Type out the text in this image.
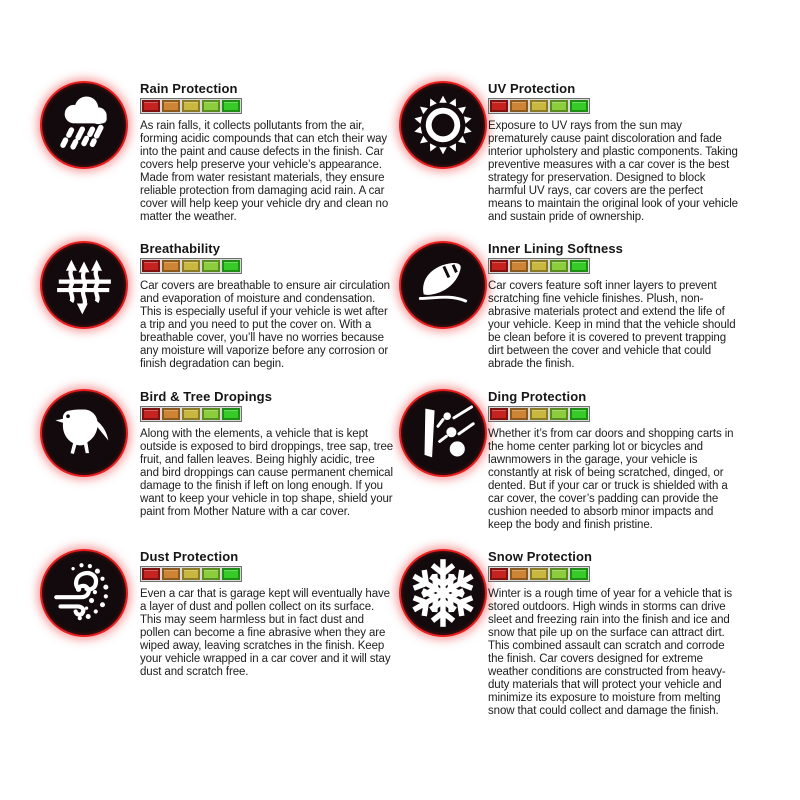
Rain Protection
As rain falls, it collects pollutants from the air, forming acidic compounds that can etch their way into the paint and cause defects in the finish. Car covers help preserve your vehicle’s appearance. Made from water resistant materials, they ensure reliable protection from damaging acid rain. A car cover will help keep your vehicle dry and clean no matter the weather.
UV Protection
Exposure to UV rays from the sun may prematurely cause paint discoloration and fade interior upholstery and plastic components. Taking preventive measures with a car cover is the best strategy for preservation. Designed to block harmful UV rays, car covers are the perfect means to maintain the original look of your vehicle and sustain pride of ownership.
Breathability
Car covers are breathable to ensure air circulation and evaporation of moisture and condensation. This is especially useful if your vehicle is wet after a trip and you need to put the cover on. With a breathable cover, you’ll have no worries because any moisture will vaporize before any corrosion or finish degradation can begin.
Inner Lining Softness
Car covers feature soft inner layers to prevent scratching fine vehicle finishes. Plush, non-abrasive materials protect and extend the life of your vehicle. Keep in mind that the vehicle should be clean before it is covered to prevent trapping dirt between the cover and vehicle that could abrade the finish.
Bird & Tree Dropings
Along with the elements, a vehicle that is kept outside is exposed to bird droppings, tree sap, tree fruit, and fallen leaves. Being highly acidic, tree and bird droppings can cause permanent chemical damage to the finish if left on long enough. If you want to keep your vehicle in top shape, shield your paint from Mother Nature with a car cover.
Ding Protection
Whether it’s from car doors and shopping carts in the home center parking lot or bicycles and lawnmowers in the garage, your vehicle is constantly at risk of being scratched, dinged, or dented. But if your car or truck is shielded with a car cover, the cover’s padding can provide the cushion needed to absorb minor impacts and keep the body and finish pristine.
Dust Protection
Even a car that is garage kept will eventually have a layer of dust and pollen collect on its surface. This may seem harmless but in fact dust and pollen can become a fine abrasive when they are wiped away, leaving scratches in the finish. Keep your vehicle wrapped in a car cover and it will stay dust and scratch free.
Snow Protection
Winter is a rough time of year for a vehicle that is stored outdoors. High winds in storms can drive sleet and freezing rain into the finish and ice and snow that pile up on the surface can attract dirt. This combined assault can scratch and corrode the finish. Car covers designed for extreme weather conditions are constructed from heavy-duty materials that will protect your vehicle and minimize its exposure to moisture from melting snow that could collect and damage the finish.
